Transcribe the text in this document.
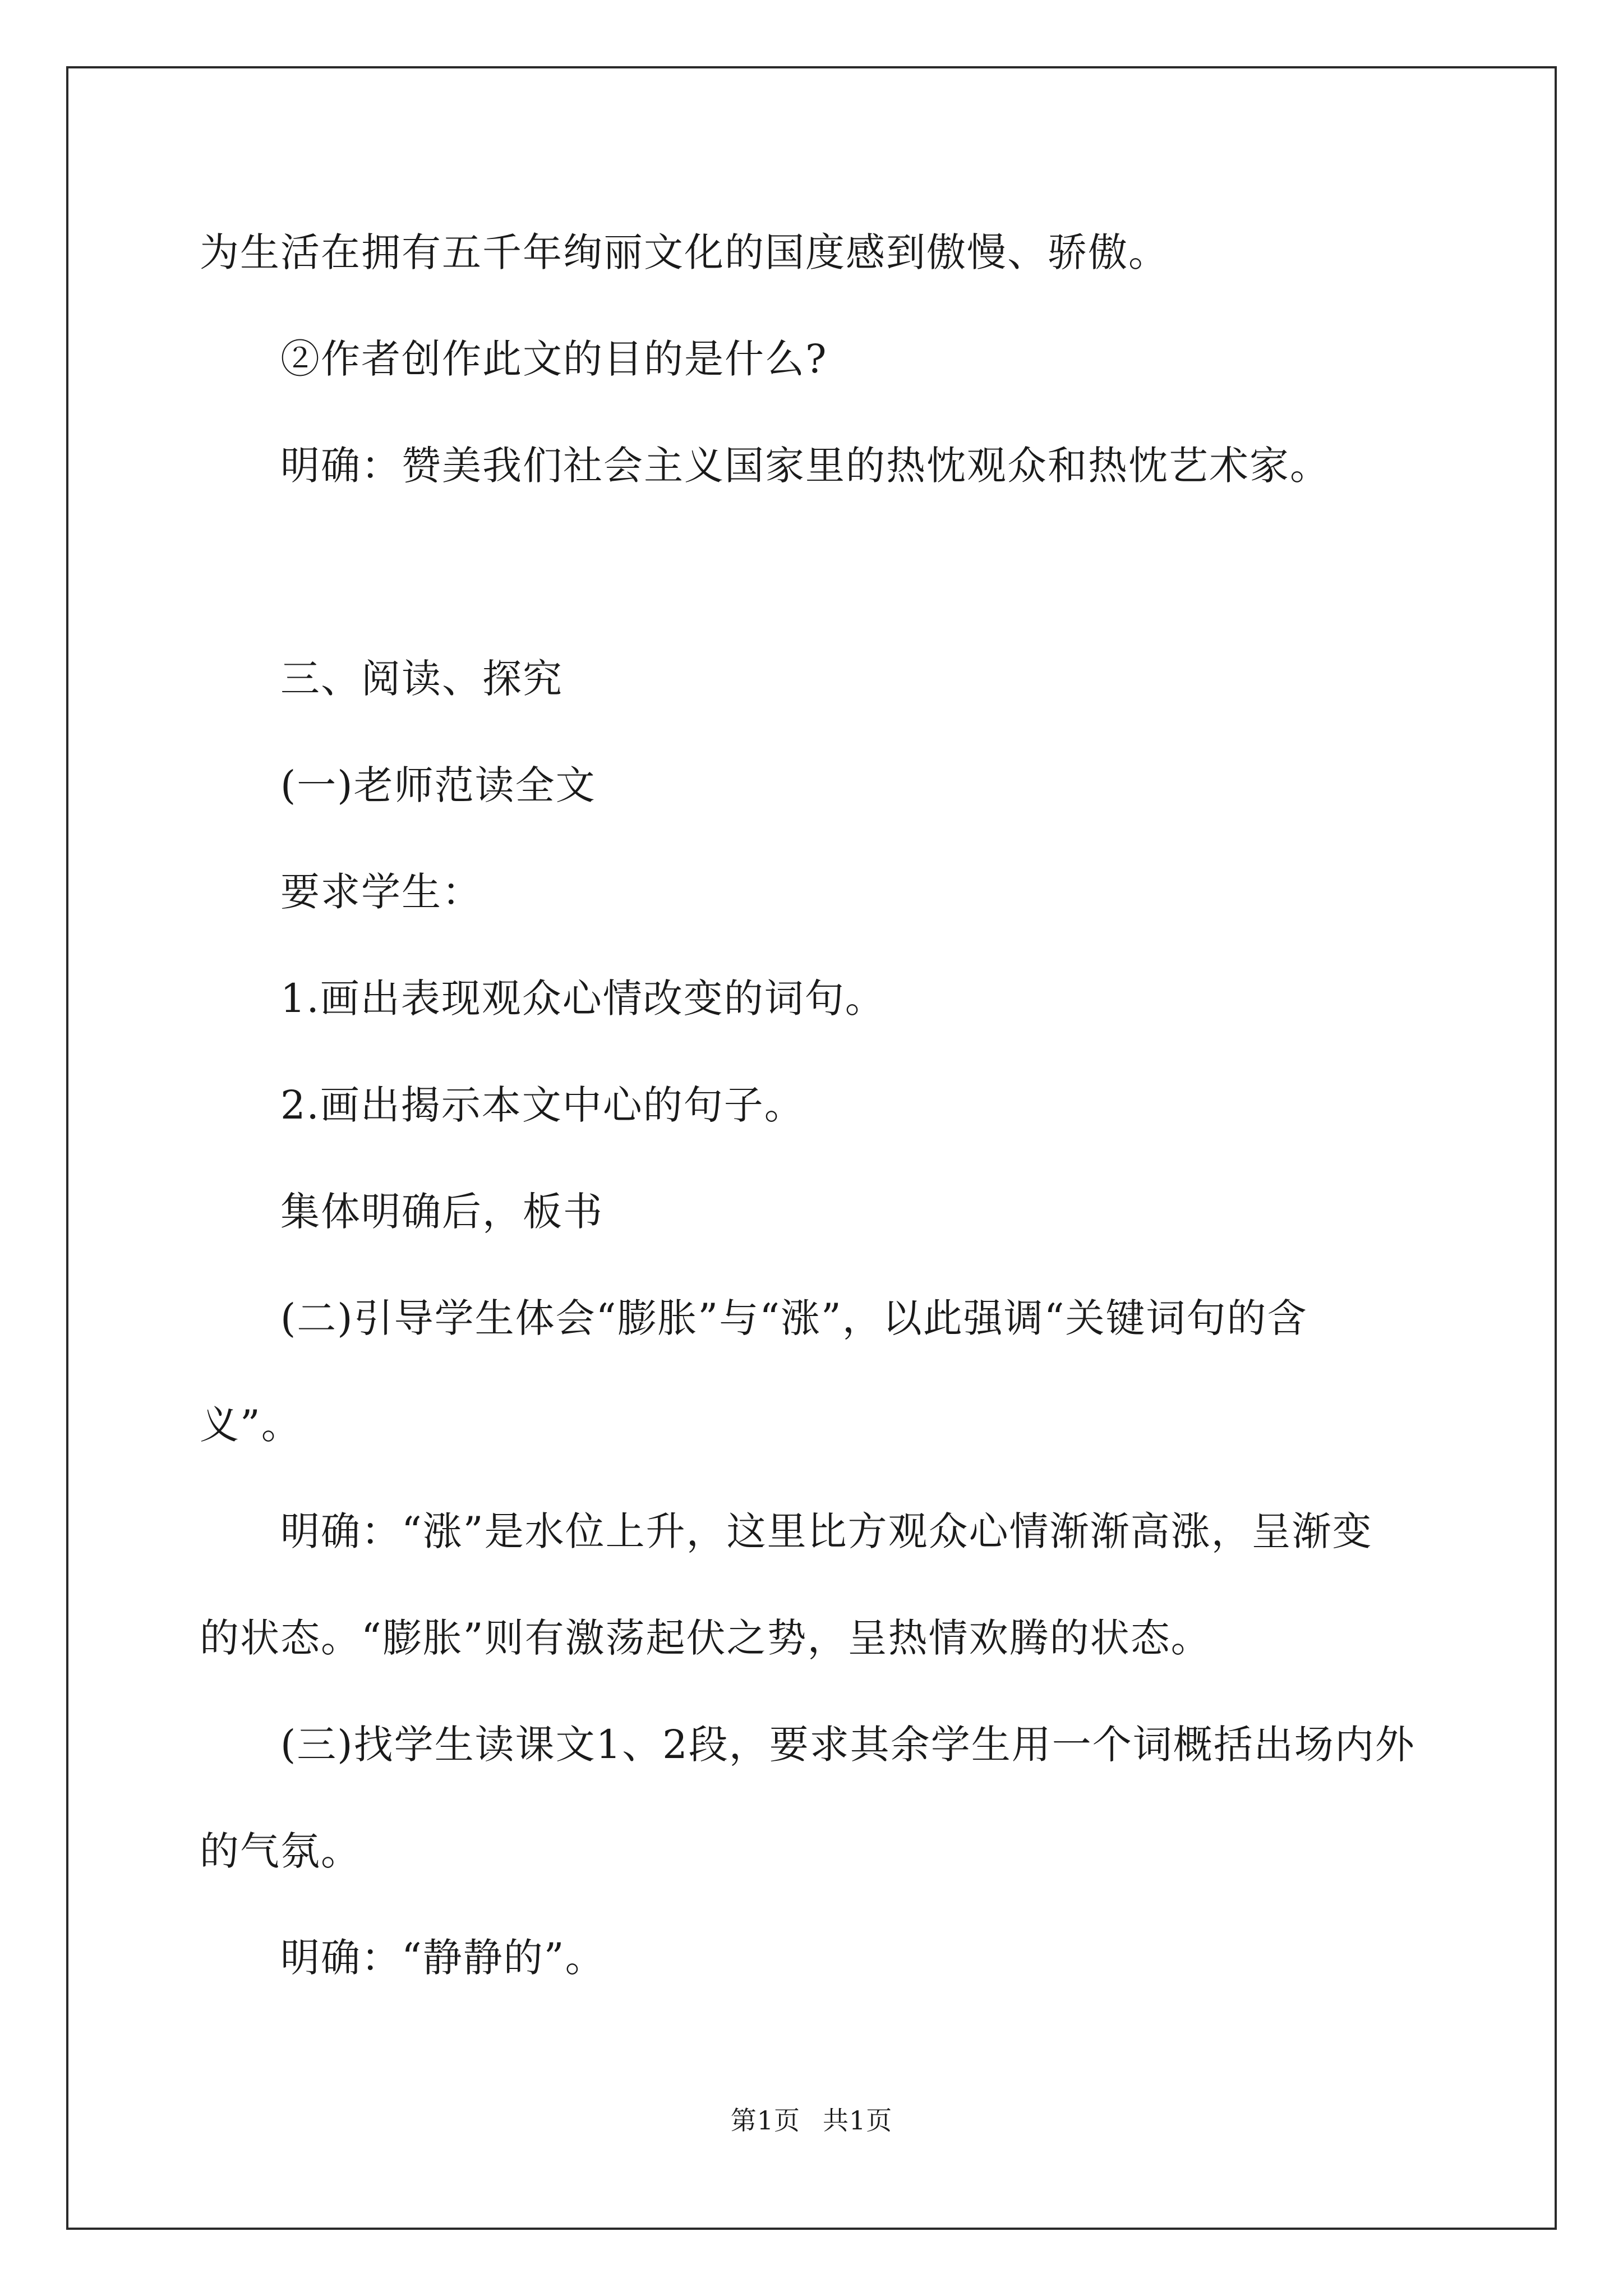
为生活在拥有五千年绚丽文化的国度感到傲慢、骄傲。
②作者创作此文的目的是什么?
明确：赞美我们社会主义国家里的热忱观众和热忱艺术家。
三、阅读、探究
(一)老师范读全文
要求学生：
1.画出表现观众心情改变的词句。
2.画出揭示本文中心的句子。
集体明确后，板书
(二)引导学生体会“膨胀”与“涨”，以此强调“关键词句的含
义”。
明确：“涨”是水位上升，这里比方观众心情渐渐高涨，呈渐变
的状态。“膨胀”则有激荡起伏之势，呈热情欢腾的状态。
(三)找学生读课文1、2段，要求其余学生用一个词概括出场内外
的气氛。
明确：“静静的”。
第1页 共1页
